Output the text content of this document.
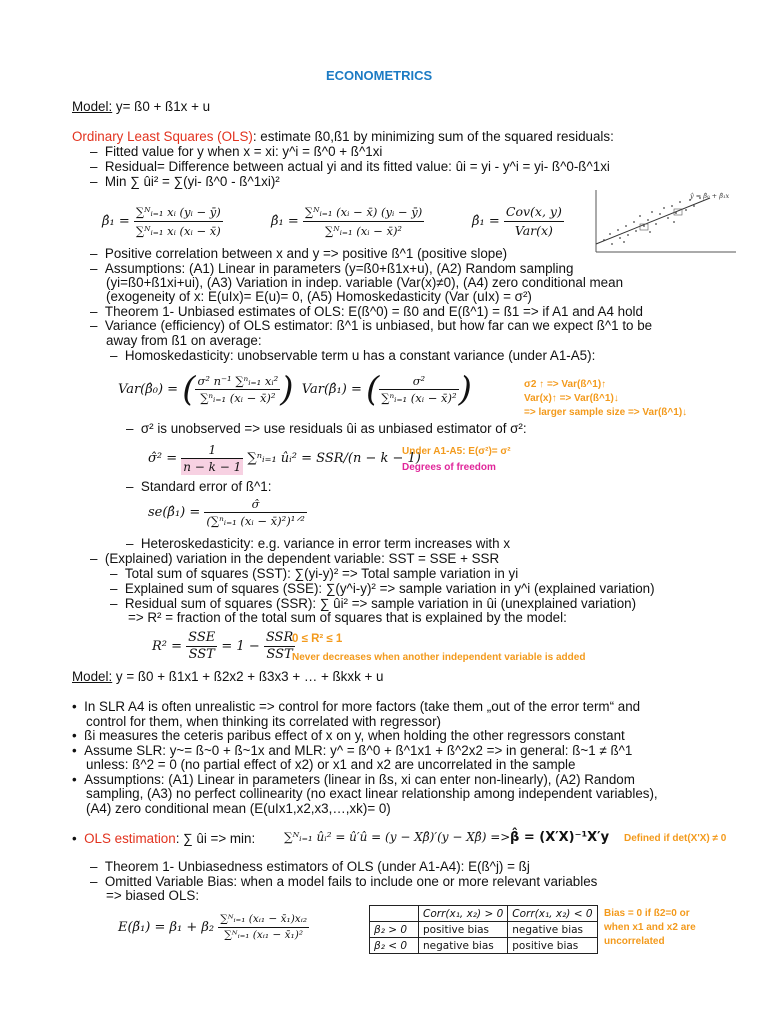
ECONOMETRICS
Model: y= ß0 + ß1x + u
Ordinary Least Squares (OLS): estimate ß0,ß1 by minimizing sum of the squared residuals:
–  Fitted value for y when x = xi: y^i = ß^0 + ß^1xi
–  Residual= Difference between actual yi and its fitted value: ûi = yi - y^i = yi- ß^0-ß^1xi
–  Min ∑ ûi² = ∑(yi- ß^0 - ß^1xi)²
β̂₁ = $\frac{\text{∑ᴺᵢ₌₁ xᵢ (yᵢ − ȳ)}}{\text{∑ᴺᵢ₌₁ xᵢ (xᵢ − x̄)}}$	β̂₁ = $\frac{\text{∑ᴺᵢ₌₁ (xᵢ − x̄) (yᵢ − ȳ)}}{\text{∑ᴺᵢ₌₁ (xᵢ − x̄)²}}$	β̂₁ = $\frac{\text{Cov(x, y)}}{\text{Var(x)}}$
ŷ = β̂₀ + β̂₁x
–  Positive correlation between x and y => positive ß^1 (positive slope)
–  Assumptions: (A1) Linear in parameters (y=ß0+ß1x+u), (A2) Random sampling
(yi=ß0+ß1xi+ui), (A3) Variation in indep. variable (Var(x)≠0), (A4) zero conditional mean
(exogeneity of x: E(uIx)= E(u)= 0, (A5) Homoskedasticity (Var (uIx) = σ²)
–  Theorem 1- Unbiased estimates of OLS: E(ß^0) = ß0 and E(ß^1) = ß1 => if A1 and A4 hold
–  Variance (efficiency) of OLS estimator: ß^1 is unbiased, but how far can we expect ß^1 to be
away from ß1 on average:
–  Homoskedasticity: unobservable term u has a constant variance (under A1-A5):
Var(β̂₀) = ( $\frac{\text{σ² n⁻¹ ∑ⁿᵢ₌₁ xᵢ²}}{\text{∑ⁿᵢ₌₁ (xᵢ − x̄)²}}$ ) Var(β̂₁) = ( $\frac{\text{σ²}}{\text{∑ⁿᵢ₌₁ (xᵢ − x̄)²}}$ )	σ2 ↑ => Var(ß^1)↑
Var(x)↑ => Var(ß^1)↓
=> larger sample size => Var(ß^1)↓
–  σ² is unobserved => use residuals ûi as unbiased estimator of σ²:
σ̂² = $\frac{1}{n - k - 1}$ ∑ⁿᵢ₌₁ ûᵢ² = SSR/(n − k − 1)
Under A1-A5: E(σ²)= σ²
Degrees of freedom
–  Standard error of ß^1:
se(β̂₁) = $\frac{\sigmâ}{\text{(∑ⁿᵢ₌₁ (xᵢ − x̄)²)¹ᐟ²}}$
–  Heteroskedasticity: e.g. variance in error term increases with x
–  (Explained) variation in the dependent variable: SST = SSE + SSR
–  Total sum of squares (SST): ∑(yi-y)² => Total sample variation in yi
–  Explained sum of squares (SSE): ∑(y^i-y)² => sample variation in y^i (explained variation)
–  Residual sum of squares (SSR): ∑ ûi² => sample variation in ûi (unexplained variation)
=> R² = fraction of the total sum of squares that is explained by the model:
$R^2 = \frac{\text{SSE}}{\text{SST}} = 1 - \frac{\text{SSR}}{\text{SST}}$
0 ≤ R² ≤ 1
Never decreases when another independent variable is added
Model: y = ß0 + ß1x1 + ß2x2 + ß3x3 + … + ßkxk + u
•  In SLR A4 is often unrealistic => control for more factors (take them „out of the error term“ and
control for them, when thinking its correlated with regressor)
•  ßi measures the ceteris paribus effect of x on y, when holding the other regressors constant
•  Assume SLR: y~= ß~0 + ß~1x and MLR: y^ = ß^0 + ß^1x1 + ß^2x2 => in general: ß~1 ≠ ß^1
unless: ß^2 = 0 (no partial effect of x2) or x1 and x2 are uncorrelated in the sample
•  Assumptions: (A1) Linear in parameters (linear in ßs, xi can enter non-linearly), (A2) Random
sampling, (A3) no perfect collinearity (no exact linear relationship among independent variables),
(A4) zero conditional mean (E(uIx1,x2,x3,…,xk)= 0)
•  OLS estimation: ∑ ûi => min: ∑ᴺᵢ₌₁ ûᵢ² = û′û = (y − Xβ̂)′(y − Xβ̂) => β̂ = (X′X)⁻¹X′y Defined if det(X'X) ≠ 0
–  Theorem 1- Unbiasedness estimators of OLS (under A1-A4): E(ß^j) = ßj
–  Omitted Variable Bias: when a model fails to include one or more relevant variables
=> biased OLS:
E(β̃₁) = $\beta_1 + \beta_2 \frac{\text{∑ᴺᵢ₌₁ (xᵢ₁ − x̄₁)xᵢ₂}}{\text{∑ᴺᵢ₌₁ (xᵢ₁ − x̄₁)²}}$
		Corr(x₁, x₂) > 0	Corr(x₁, x₂) < 0
β₂ > 0	positive bias	negative bias
β₂ < 0	negative bias	positive bias
Bias = 0 if ß2=0 or
when x1 and x2 are
uncorrelated
